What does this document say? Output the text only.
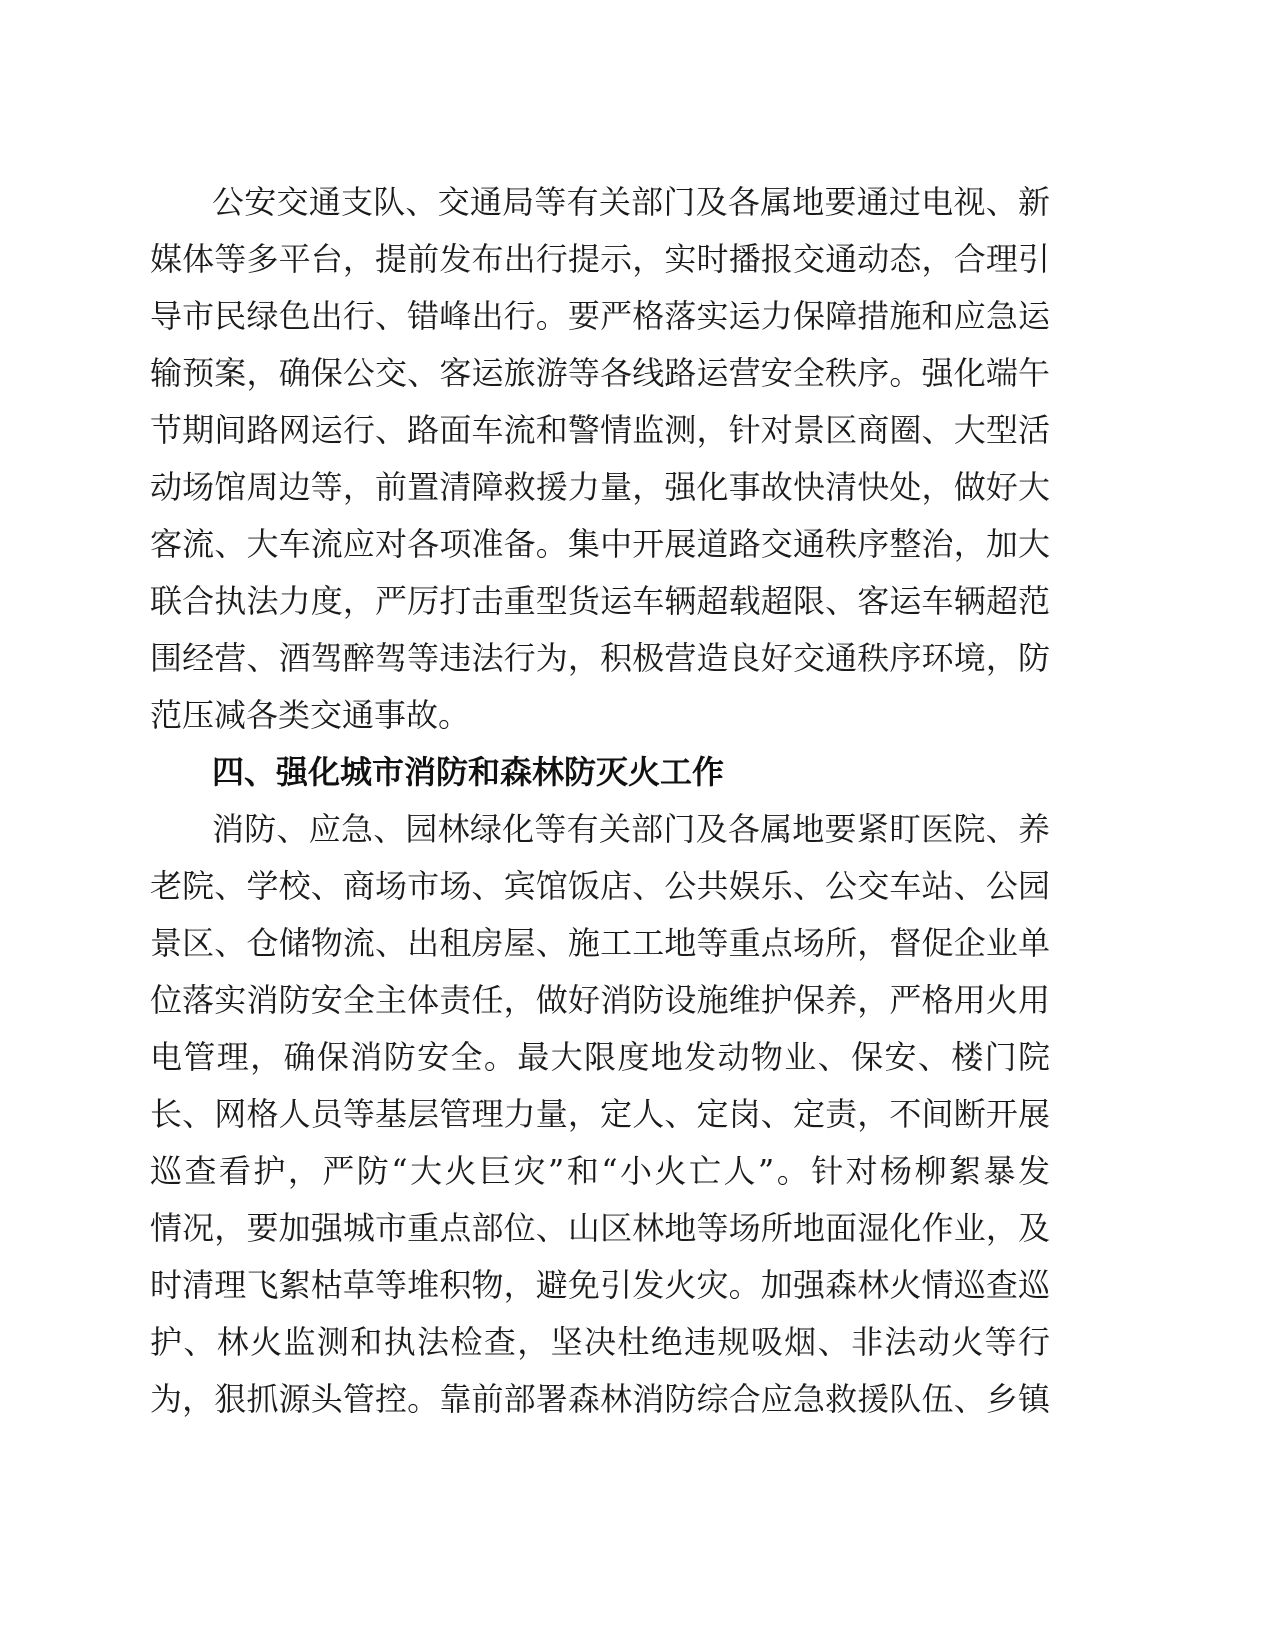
公安交通支队、交通局等有关部门及各属地要通过电视、新
媒体等多平台，提前发布出行提示，实时播报交通动态，合理引
导市民绿色出行、错峰出行。要严格落实运力保障措施和应急运
输预案，确保公交、客运旅游等各线路运营安全秩序。强化端午
节期间路网运行、路面车流和警情监测，针对景区商圈、大型活
动场馆周边等，前置清障救援力量，强化事故快清快处，做好大
客流、大车流应对各项准备。集中开展道路交通秩序整治，加大
联合执法力度，严厉打击重型货运车辆超载超限、客运车辆超范
围经营、酒驾醉驾等违法行为，积极营造良好交通秩序环境，防
范压减各类交通事故。
四、强化城市消防和森林防灭火工作
消防、应急、园林绿化等有关部门及各属地要紧盯医院、养
老院、学校、商场市场、宾馆饭店、公共娱乐、公交车站、公园
景区、仓储物流、出租房屋、施工工地等重点场所，督促企业单
位落实消防安全主体责任，做好消防设施维护保养，严格用火用
电管理，确保消防安全。最大限度地发动物业、保安、楼门院
长、网格人员等基层管理力量，定人、定岗、定责，不间断开展
巡查看护，严防“大火巨灾”和“小火亡人”。针对杨柳絮暴发
情况，要加强城市重点部位、山区林地等场所地面湿化作业，及
时清理飞絮枯草等堆积物，避免引发火灾。加强森林火情巡查巡
护、林火监测和执法检查，坚决杜绝违规吸烟、非法动火等行
为，狠抓源头管控。靠前部署森林消防综合应急救援队伍、乡镇
